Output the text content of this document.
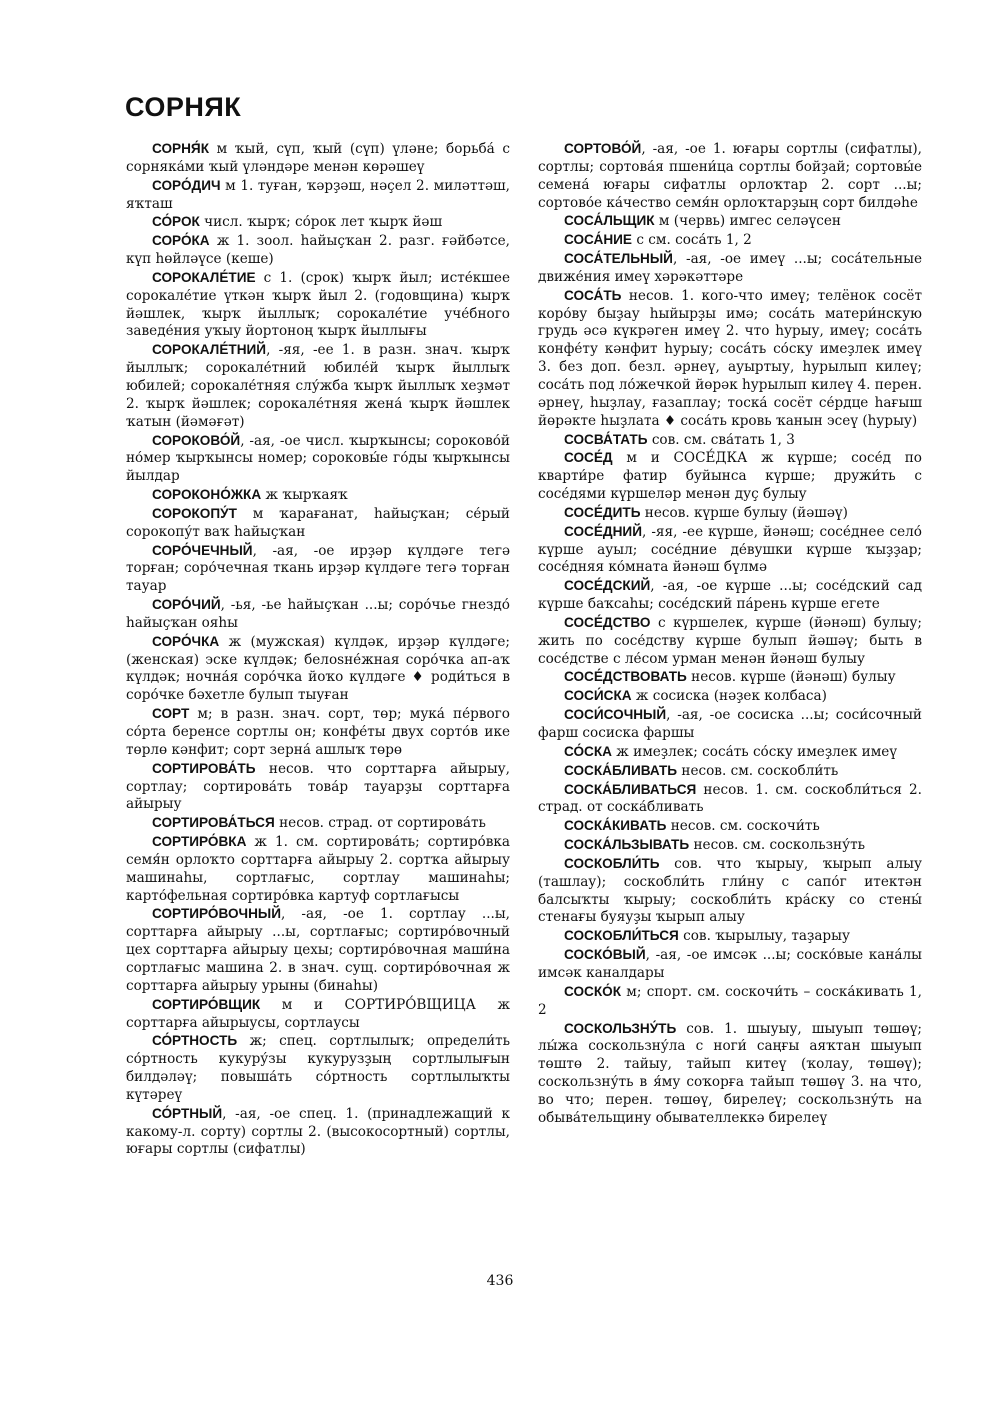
СОРНЯК

СОРНЯ́К м ҡый, сүп, ҡый (сүп) үләне; борьба́ с сорняка́ми ҡый үләндәре менән көрәшеү

СОРО́ДИЧ м 1. туған, ҡәрҙәш, нәҫел 2. миләттәш, яҡташ

СО́РОК числ. ҡырҡ; со́рок лет ҡырҡ йәш

СОРО́КА ж 1. зоол. һайыҫҡан 2. разг. ғәйбәтсе, күп һөйләүсе (кеше)

СОРОКАЛЕ́ТИЕ с 1. (срок) ҡырҡ йыл; исте́кшее сорокале́тие үткән ҡырҡ йыл 2. (годовщина) ҡырҡ йәшлек, ҡырҡ йыллыҡ; сорокале́тие уче́бного заведе́ния уҡыу йортоноң ҡырҡ йыллығы

СОРОКАЛЕ́ТНИЙ, -яя, -ее 1. в разн. знач. ҡырҡ йыллыҡ; сорокале́тний юбиле́й ҡырҡ йыллыҡ юбилей; сорокале́тняя слу́жба ҡырҡ йыллыҡ хеҙмәт 2. ҡырҡ йәшлек; сорокале́тняя жена́ ҡырҡ йәшлек ҡатын (йәмәғәт)

СОРОКОВО́Й, -ая, -ое числ. ҡырҡынсы; сороково́й но́мер ҡырҡынсы номер; сороковы́е го́ды ҡырҡынсы йылдар

СОРОКОНО́ЖКА ж ҡырҡаяҡ

СОРОКОПУ́Т м ҡарағанат, һайыҫҡан; се́рый сорокопу́т ваҡ һайыҫҡан

СОРО́ЧЕЧНЫЙ, -ая, -ое ирҙәр күлдәге тегә торған; соро́чечная ткань ирҙәр күлдәге тегә торған тауар

СОРО́ЧИЙ, -ья, -ье һайыҫҡан ...ы; соро́чье гнездо́ һайыҫҡан ояһы

СОРО́ЧКА ж (мужская) күлдәк, ирҙәр күлдәге; (женская) эске күлдәк; белоsне́жная соро́чка ап-аҡ күлдәк; ночна́я соро́чка йоҡо күлдәге ♦ роди́ться в соро́чке бәхетле булып тыуған

СОРТ м; в разн. знач. сорт, төр; мука́ пе́рвого со́рта беренсе сортлы он; конфе́ты двух сорто́в ике төрлө кәнфит; сорт зерна́ ашлыҡ төрө

СОРТИРОВА́ТЬ несов. что сорттарға айырыу, сортлау; сортирова́ть това́р тауарҙы сорттарға айырыу

СОРТИРОВА́ТЬСЯ несов. страд. от сортирова́ть

СОРТИРО́ВКА ж 1. см. сортирова́ть; сортиро́вка семя́н орлоҡто сорттарға айырыу 2. сортҡа айырыу машинаһы, сортлағыс, сортлау машинаһы; карто́фельная сортиро́вка картуф сортлағысы

СОРТИРО́ВОЧНЫЙ, -ая, -ое 1. сортлау ...ы, сорттарға айырыу ...ы, сортлағыс; сортиро́вочный цех сорттарға айырыу цехы; сортиро́вочная маши́на сортлағыс машина 2. в знач. сущ. сортиро́вочная ж сорттарға айырыу урыны (бинаһы)

СОРТИРО́ВЩИК м и СОРТИРО́ВЩИЦА ж сорттарға айырыусы, сортлаусы

СО́РТНОСТЬ ж; спец. сортлылыҡ; определи́ть со́ртность кукуру́зы кукурузҙың сортлылығын билдәләү; повыша́ть со́ртность сортлылыҡты күтәреү

СО́РТНЫЙ, -ая, -ое спец. 1. (принадлежащий к какому-л. сорту) сортлы 2. (высокосортный) сортлы, юғары сортлы (сифатлы)

СОРТОВО́Й, -ая, -ое 1. юғары сортлы (сифатлы), сортлы; сортова́я пшени́ца сортлы бойҙай; сортовы́е семена́ юғары сифатлы орлоҡтар 2. сорт ...ы; сортово́е ка́чество семя́н орлоҡтарҙың сорт билдәһе

СОСА́ЛЬЩИК м (червь) имгес селәүсен

СОСА́НИЕ с см. соса́ть 1, 2

СОСА́ТЕЛЬНЫЙ, -ая, -ое имеү ...ы; соса́тельные движе́ния имеү хәрәкәттәре

СОСА́ТЬ несов. 1. кого-что имеү; телёнок сосёт коро́ву быҙау һыйырҙы имә; соса́ть матери́нскую грудь әсә күкрәген имеү 2. что һурыу, имеү; соса́ть конфе́ту кәнфит һурыу; соса́ть со́ску имеҙлек имеү 3. без доп. безл. әрнеү, ауыртыу, һурылып килеү; соса́ть под ло́жечкой йөрәк һурылып килеү 4. перен. әрнеү, һыҙлау, ғазаплау; тоска́ сосёт се́рдце һағыш йөрәкте һыҙлата ♦ соса́ть кровь ҡанын эсеү (һурыу)

СОСВА́ТАТЬ сов. см. сва́тать 1, 3

СОСЕ́Д м и СОСЕ́ДКА ж күрше; сосе́д по кварти́ре фатир буйынса күрше; дружи́ть с сосе́дями күршеләр менән дуҫ булыу

СОСЕ́ДИТЬ несов. күрше булыу (йәшәү)

СОСЕ́ДНИЙ, -яя, -ее күрше, йәнәш; сосе́днее село́ күрше ауыл; сосе́дние де́вушки күрше ҡыҙҙар; сосе́дняя ко́мната йәнәш бүлмә

СОСЕ́ДСКИЙ, -ая, -ое күрше ...ы; сосе́дский сад күрше баҡсаһы; сосе́дский па́рень күрше егете

СОСЕ́ДСТВО с күршелек, күрше (йәнәш) булыу; жить по сосе́дству күрше булып йәшәү; быть в сосе́дстве с ле́сом урман менән йәнәш булыу

СОСЕ́ДСТВОВАТЬ несов. күрше (йәнәш) булыу

СОСИ́СКА ж сосиска (нәҙек колбаса)

СОСИ́СОЧНЫЙ, -ая, -ое сосиска ...ы; соси́сочный фарш сосиска фаршы

СО́СКА ж имеҙлек; соса́ть со́ску имеҙлек имеү

СОСКА́БЛИВАТЬ несов. см. соскобли́ть

СОСКА́БЛИВАТЬСЯ несов. 1. см. соскобли́ться 2. страд. от соска́бливать

СОСКА́КИВАТЬ несов. см. соскочи́ть

СОСКА́ЛЬЗЫВАТЬ несов. см. соскользну́ть

СОСКОБЛИ́ТЬ сов. что ҡырыу, ҡырып алыу (ташлау); соскобли́ть гли́ну с сапо́г итектән балсыҡты ҡырыу; соскобли́ть кра́ску со стены́ стенағы буяуҙы ҡырып алыу

СОСКОБЛИ́ТЬСЯ сов. ҡырылыу, таҙарыу

СОСКО́ВЫЙ, -ая, -ое имсәк ...ы; соско́вые кана́лы имсәк каналдары

СОСКО́К м; спорт. см. соскочи́ть – соска́кивать 1, 2

СОСКОЛЬЗНУ́ТЬ сов. 1. шыуыу, шыуып төшөү; лы́жа соскользну́ла с ноги́ саңғы аяҡтан шыуып төштө 2. тайыу, тайып китеү (ҡолау, төшөү); соскользну́ть в я́му соҡорға тайып төшөү 3. на что, во что; перен. төшөү, бирелеү; соскользну́ть на обыва́тельщину обывателлеккә бирелеү

436
